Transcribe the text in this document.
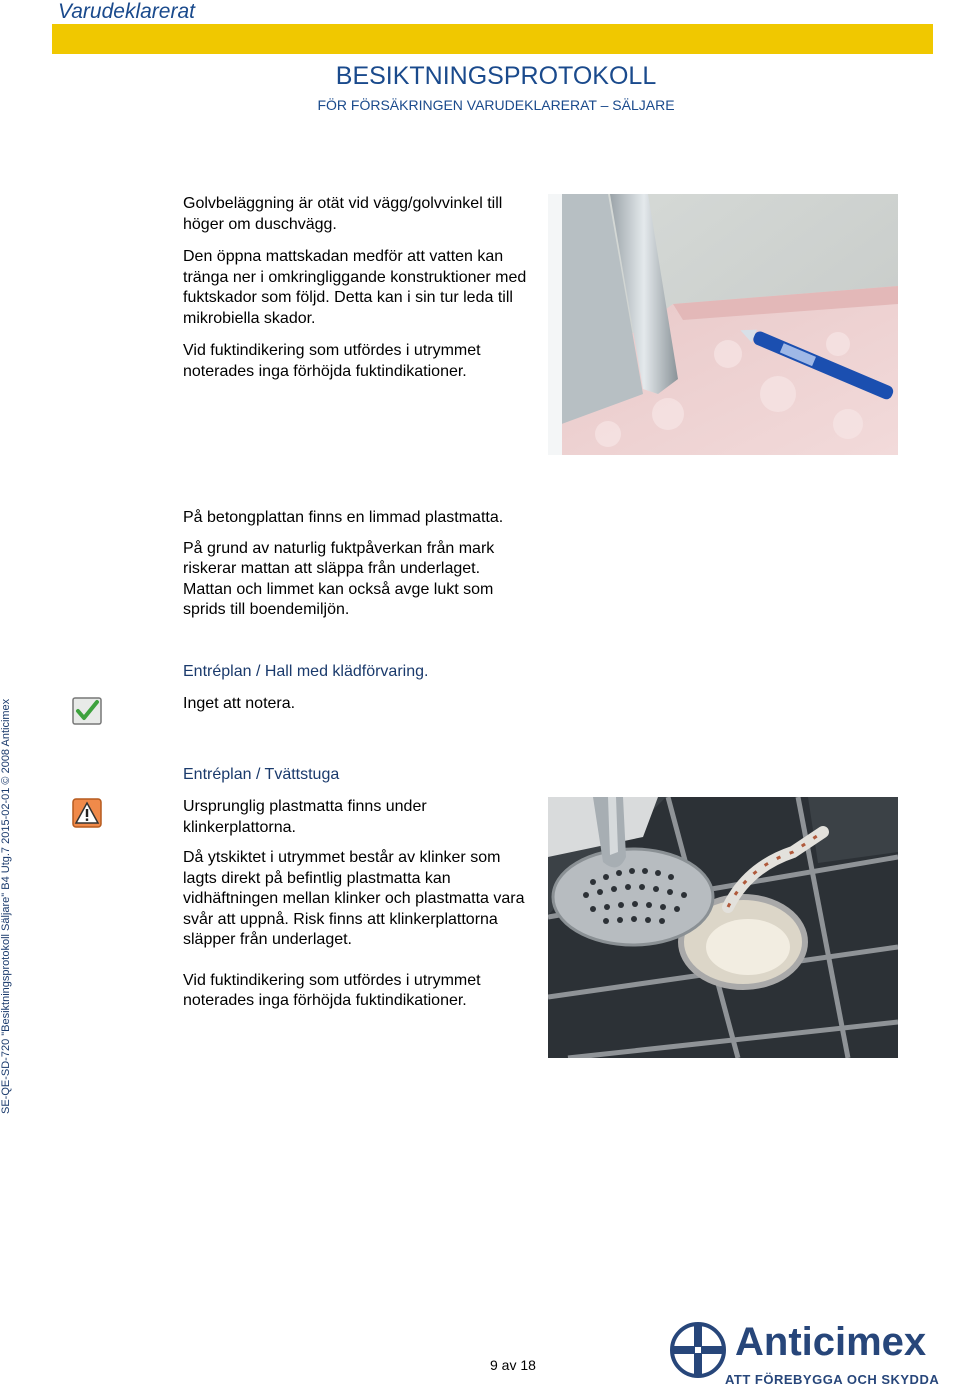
Varudeklarerat
BESIKTNINGSPROTOKOLL
FÖR FÖRSÄKRINGEN VARUDEKLARERAT – SÄLJARE

Golvbeläggning är otät vid vägg/golvvinkel till höger om duschvägg.

Den öppna mattskadan medför att vatten kan tränga ner i omkringliggande konstruktioner med fuktskador som följd. Detta kan i sin tur leda till mikrobiella skador.

Vid fuktindikering som utfördes i utrymmet noterades inga förhöjda fuktindikationer.

På betongplattan finns en limmad plastmatta.

På grund av naturlig fuktpåverkan från mark riskerar mattan att släppa från underlaget. Mattan och limmet kan också avge lukt som sprids till boendemiljön.

Entréplan / Hall med klädförvaring.
Inget att notera.
Entréplan / Tvättstuga

Ursprunglig plastmatta finns under klinkerplattorna.

Då ytskiktet i utrymmet består av klinker som lagts direkt på befintlig plastmatta kan vidhäftningen mellan klinker och plastmatta vara svår att uppnå. Risk finns att klinkerplattorna släpper från underlaget.

Vid fuktindikering som utfördes i utrymmet noterades inga förhöjda fuktindikationer.

SE-QE-SD-720 "Besiktningsprotokoll Säljare" B4 Utg.7 2015-02-01 © 2008 Anticimex
9 av 18
Anticimex
ATT FÖREBYGGA OCH SKYDDA
